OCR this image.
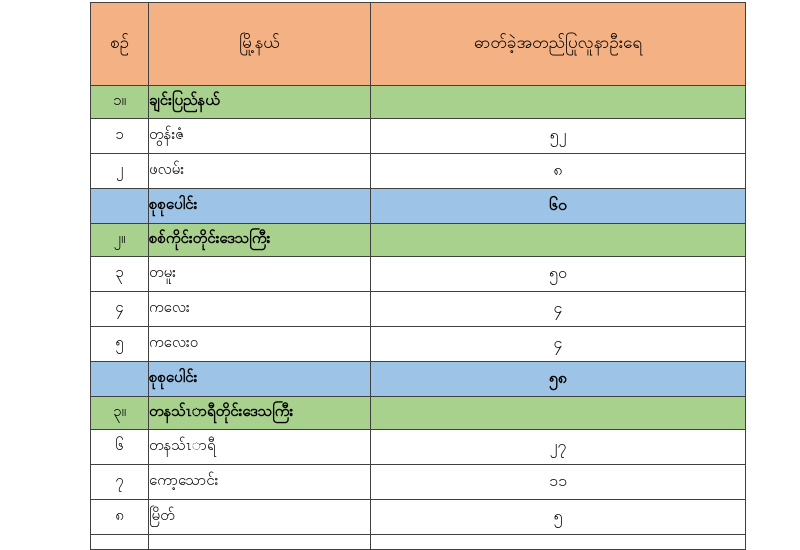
စဉ်	မြို့နယ်	ဓာတ်ခဲ့အတည်ပြုလူနာဦးရေ
၁။	ချင်းပြည်နယ်	
၁	တွန်းဇံ	၅၂
၂	ဖလမ်း	၈
	စုစုပေါင်း	၆၀
၂။	စစ်ကိုင်းတိုင်းဒေသကြီး	
၃	တမူး	၅၀
၄	ကလေး	၄
၅	ကလေးဝ	၄
	စုစုပေါင်း	၅၈
၃။	တနသ်ၤာရီတိုင်းဒေသကြီး	
၆	တနသ်ၤာရီ	၂၇
၇	ကော့သောင်း	၁၁
၈	မြိတ်	၅
